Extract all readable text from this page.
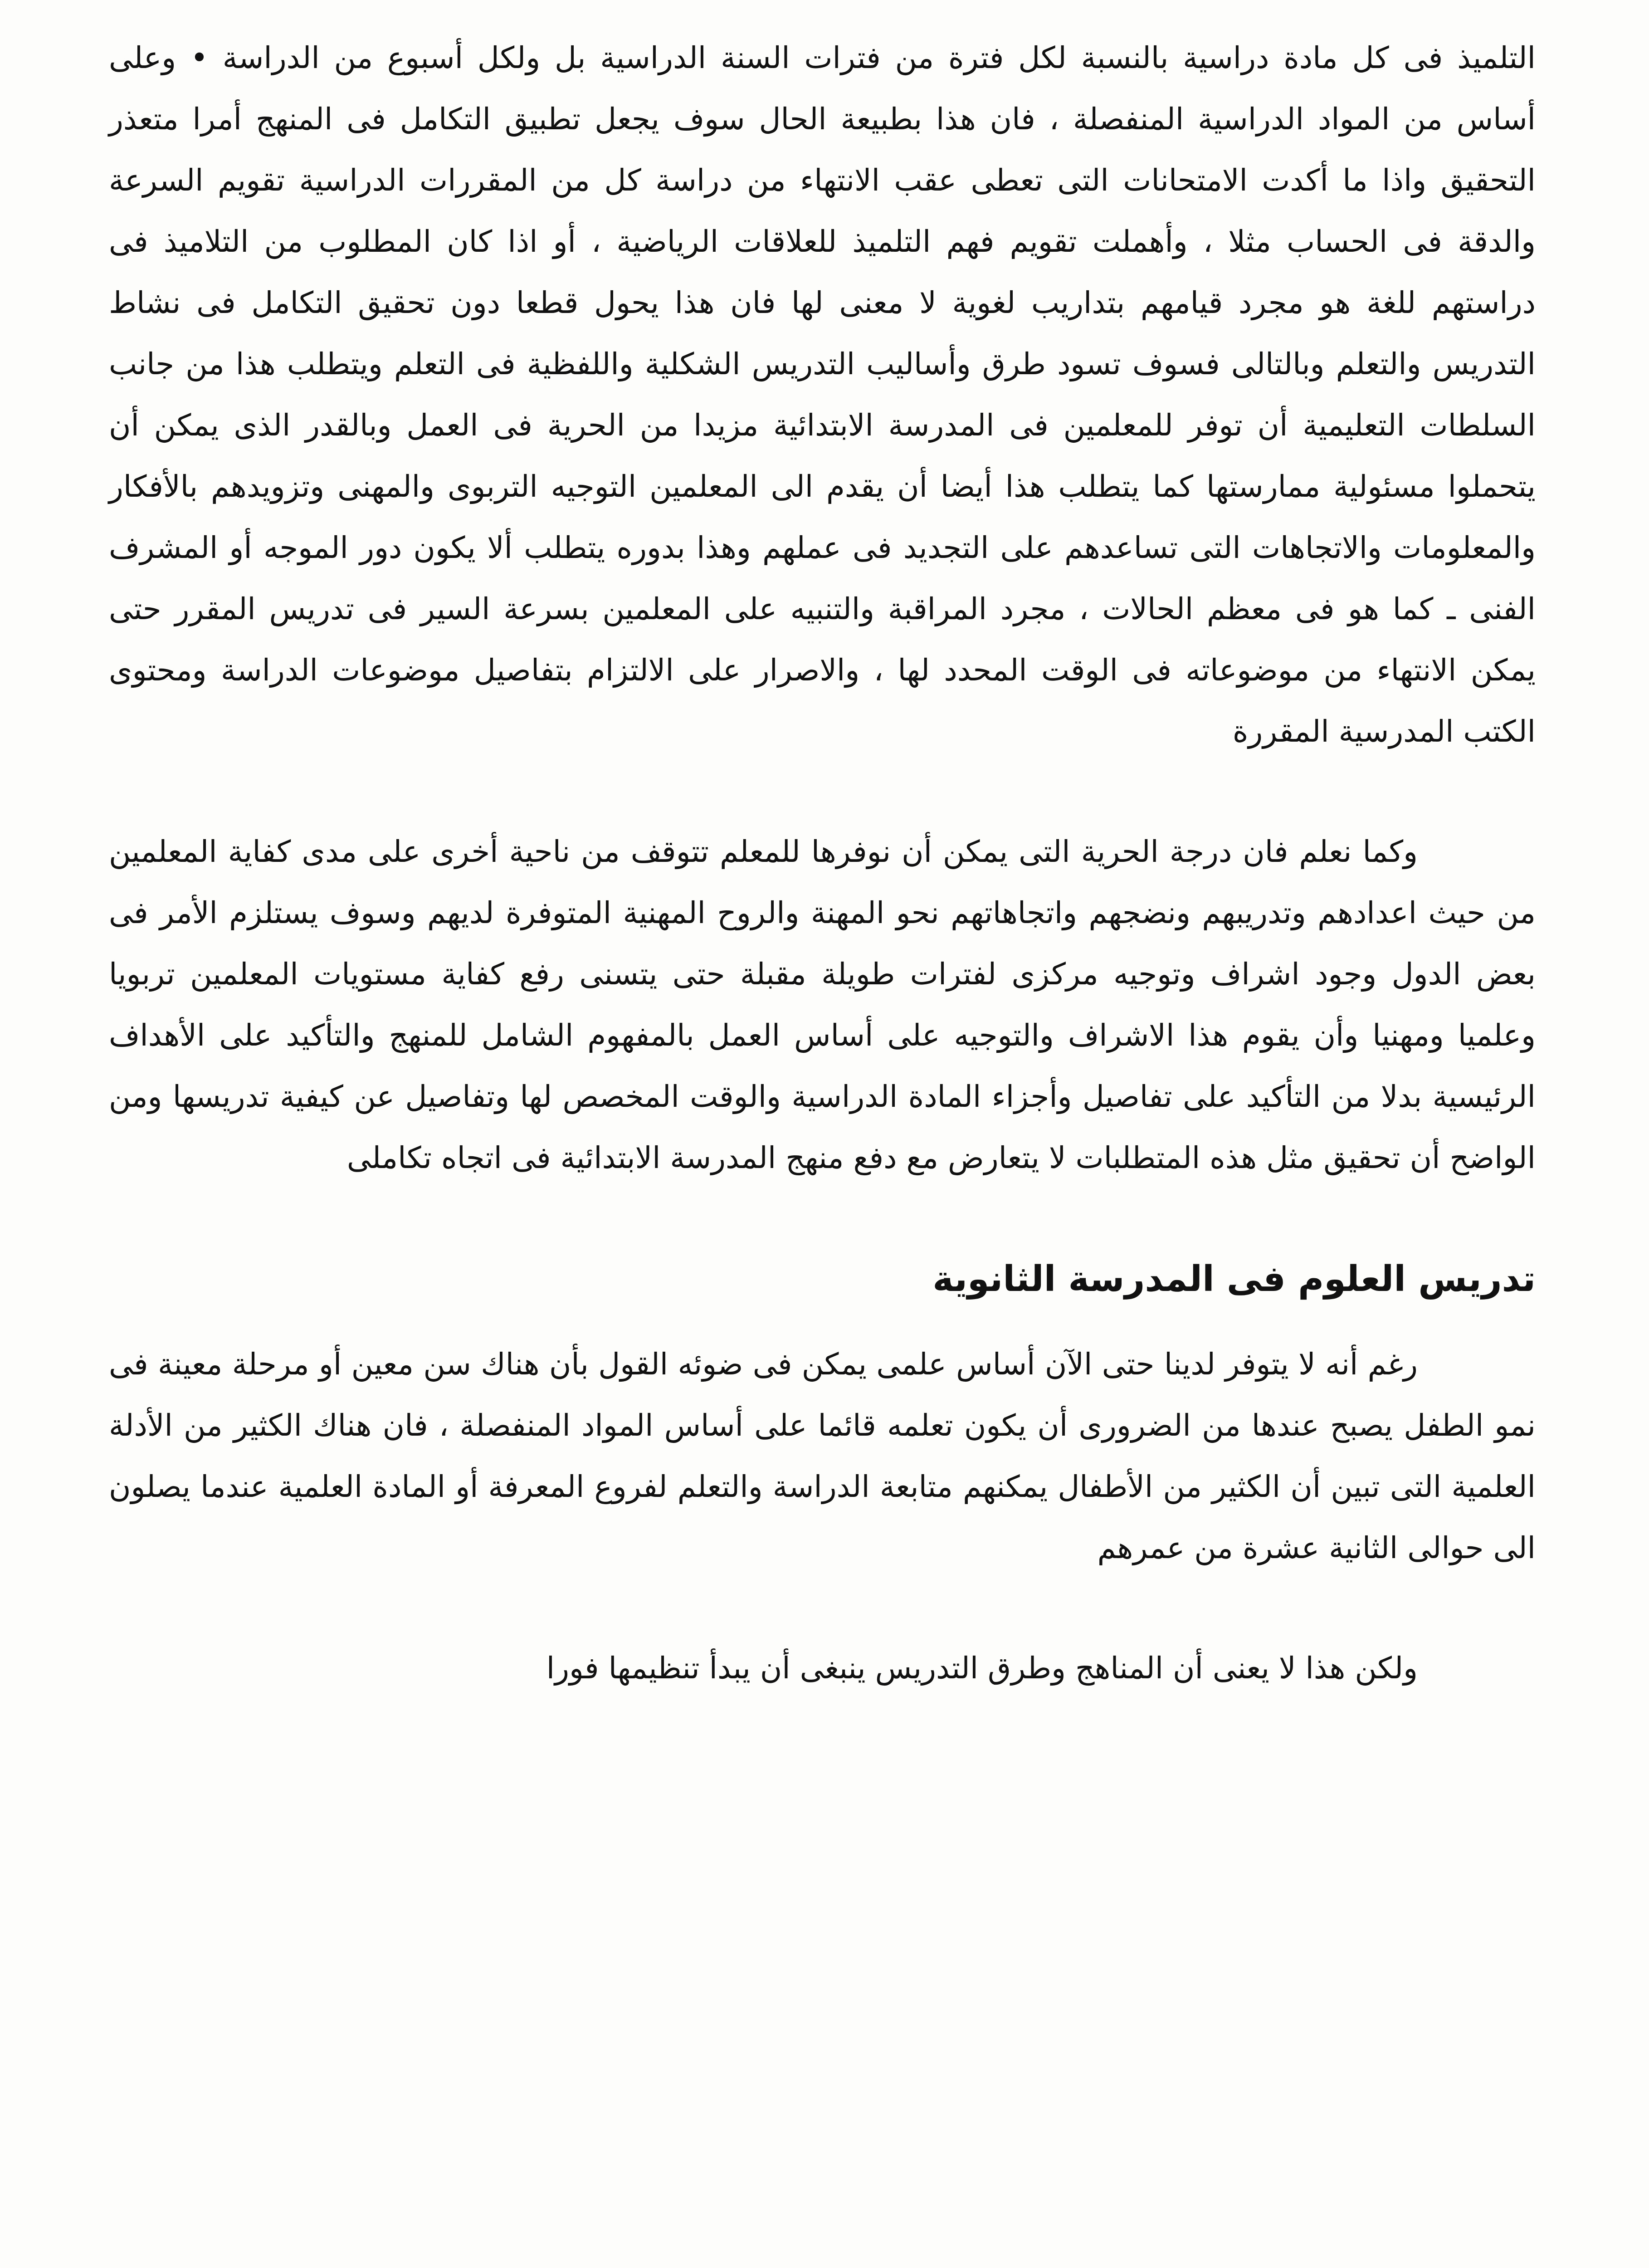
التلميذ فى كل مادة دراسية بالنسبة لكل فترة من فترات السنة الدراسية بل ولكل أسبوع من الدراسة • وعلى أساس من المواد الدراسية المنفصلة ، فان هذا بطبيعة الحال سوف يجعل تطبيق التكامل فى المنهج أمرا متعذر التحقيق واذا ما أكدت الامتحانات التى تعطى عقب الانتهاء من دراسة كل من المقررات الدراسية تقويم السرعة والدقة فى الحساب مثلا ، وأهملت تقويم فهم التلميذ للعلاقات الرياضية ، أو اذا كان المطلوب من التلاميذ فى دراستهم للغة هو مجرد قيامهم بتداريب لغوية لا معنى لها فان هذا يحول قطعا دون تحقيق التكامل فى نشاط التدريس والتعلم وبالتالى فسوف تسود طرق وأساليب التدريس الشكلية واللفظية فى التعلم ويتطلب هذا من جانب السلطات التعليمية أن توفر للمعلمين فى المدرسة الابتدائية مزيدا من الحرية فى العمل وبالقدر الذى يمكن أن يتحملوا مسئولية ممارستها كما يتطلب هذا أيضا أن يقدم الى المعلمين التوجيه التربوى والمهنى وتزويدهم بالأفكار والمعلومات والاتجاهات التى تساعدهم على التجديد فى عملهم وهذا بدوره يتطلب ألا يكون دور الموجه أو المشرف الفنى ـ كما هو فى معظم الحالات ، مجرد المراقبة والتنبيه على المعلمين بسرعة السير فى تدريس المقرر حتى يمكن الانتهاء من موضوعاته فى الوقت المحدد لها ، والاصرار على الالتزام بتفاصيل موضوعات الدراسة ومحتوى الكتب المدرسية المقررة

وكما نعلم فان درجة الحرية التى يمكن أن نوفرها للمعلم تتوقف من ناحية أخرى على مدى كفاية المعلمين من حيث اعدادهم وتدريبهم ونضجهم واتجاهاتهم نحو المهنة والروح المهنية المتوفرة لديهم وسوف يستلزم الأمر فى بعض الدول وجود اشراف وتوجيه مركزى لفترات طويلة مقبلة حتى يتسنى رفع كفاية مستويات المعلمين تربويا وعلميا ومهنيا وأن يقوم هذا الاشراف والتوجيه على أساس العمل بالمفهوم الشامل للمنهج والتأكيد على الأهداف الرئيسية بدلا من التأكيد على تفاصيل وأجزاء المادة الدراسية والوقت المخصص لها وتفاصيل عن كيفية تدريسها ومن الواضح أن تحقيق مثل هذه المتطلبات لا يتعارض مع دفع منهج المدرسة الابتدائية فى اتجاه تكاملى

تدريس العلوم فى المدرسة الثانوية

رغم أنه لا يتوفر لدينا حتى الآن أساس علمى يمكن فى ضوئه القول بأن هناك سن معين أو مرحلة معينة فى نمو الطفل يصبح عندها من الضرورى أن يكون تعلمه قائما على أساس المواد المنفصلة ، فان هناك الكثير من الأدلة العلمية التى تبين أن الكثير من الأطفال يمكنهم متابعة الدراسة والتعلم لفروع المعرفة أو المادة العلمية عندما يصلون الى حوالى الثانية عشرة من عمرهم

ولكن هذا لا يعنى أن المناهج وطرق التدريس ينبغى أن يبدأ تنظيمها فورا
